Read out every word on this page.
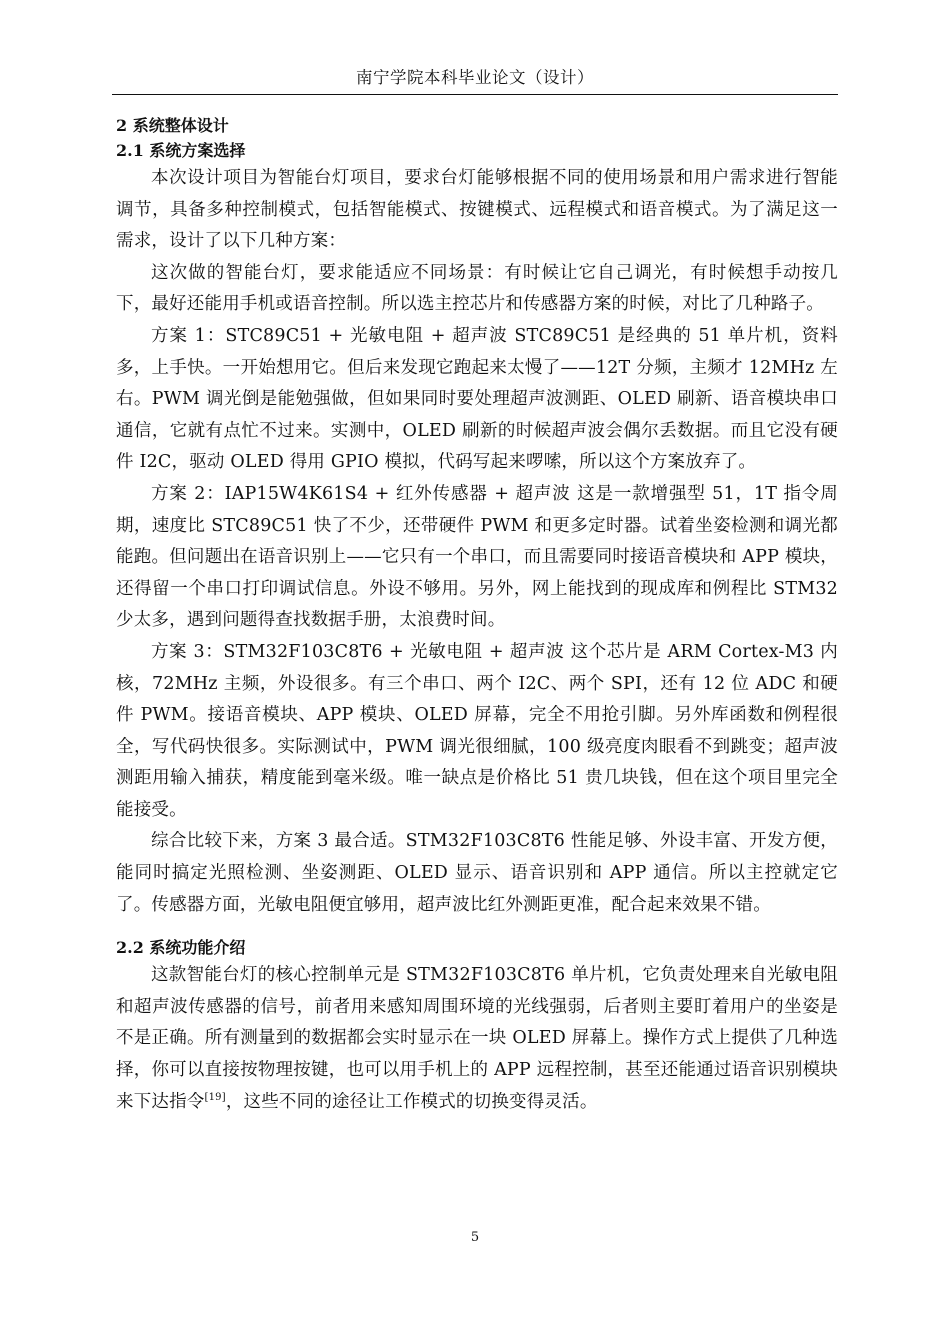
南宁学院本科毕业论文（设计）
2 系统整体设计
2.1 系统方案选择

本次设计项目为智能台灯项目，要求台灯能够根据不同的使用场景和用户需求进行智能调节，具备多种控制模式，包括智能模式、按键模式、远程模式和语音模式。为了满足这一需求，设计了以下几种方案：

这次做的智能台灯，要求能适应不同场景：有时候让它自己调光，有时候想手动按几下，最好还能用手机或语音控制。所以选主控芯片和传感器方案的时候，对比了几种路子。

方案 1：STC89C51 + 光敏电阻 + 超声波 STC89C51 是经典的 51 单片机，资料多，上手快。一开始想用它。但后来发现它跑起来太慢了——12T 分频，主频才 12MHz 左右。PWM 调光倒是能勉强做，但如果同时要处理超声波测距、OLED 刷新、语音模块串口通信，它就有点忙不过来。实测中，OLED 刷新的时候超声波会偶尔丢数据。而且它没有硬件 I2C，驱动 OLED 得用 GPIO 模拟，代码写起来啰嗦，所以这个方案放弃了。

方案 2：IAP15W4K61S4 + 红外传感器 + 超声波 这是一款增强型 51，1T 指令周期，速度比 STC89C51 快了不少，还带硬件 PWM 和更多定时器。试着坐姿检测和调光都能跑。但问题出在语音识别上——它只有一个串口，而且需要同时接语音模块和 APP 模块，还得留一个串口打印调试信息。外设不够用。另外，网上能找到的现成库和例程比 STM32 少太多，遇到问题得查找数据手册，太浪费时间。

方案 3：STM32F103C8T6 + 光敏电阻 + 超声波 这个芯片是 ARM Cortex-M3 内核，72MHz 主频，外设很多。有三个串口、两个 I2C、两个 SPI，还有 12 位 ADC 和硬件 PWM。接语音模块、APP 模块、OLED 屏幕，完全不用抢引脚。另外库函数和例程很全，写代码快很多。实际测试中，PWM 调光很细腻，100 级亮度肉眼看不到跳变；超声波测距用输入捕获，精度能到毫米级。唯一缺点是价格比 51 贵几块钱，但在这个项目里完全能接受。

综合比较下来，方案 3 最合适。STM32F103C8T6 性能足够、外设丰富、开发方便，能同时搞定光照检测、坐姿测距、OLED 显示、语音识别和 APP 通信。所以主控就定它了。传感器方面，光敏电阻便宜够用，超声波比红外测距更准，配合起来效果不错。

2.2 系统功能介绍

这款智能台灯的核心控制单元是 STM32F103C8T6 单片机，它负责处理来自光敏电阻和超声波传感器的信号，前者用来感知周围环境的光线强弱，后者则主要盯着用户的坐姿是不是正确。所有测量到的数据都会实时显示在一块 OLED 屏幕上。操作方式上提供了几种选择，你可以直接按物理按键，也可以用手机上的 APP 远程控制，甚至还能通过语音识别模块来下达指令[19]，这些不同的途径让工作模式的切换变得灵活。

5
